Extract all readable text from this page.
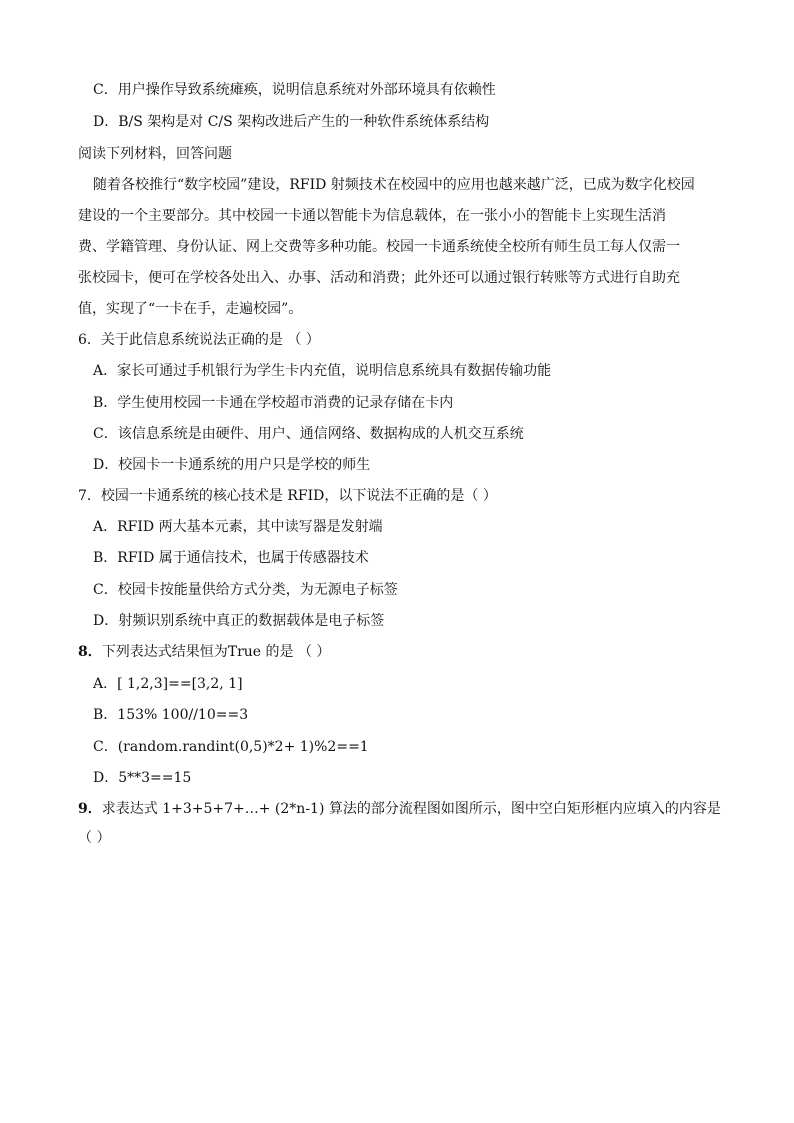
C．用户操作导致系统瘫痪，说明信息系统对外部环境具有依赖性
D．B/S 架构是对 C/S 架构改进后产生的一种软件系统体系结构
阅读下列材料，回答问题
随着各校推行“数字校园”建设，RFID 射频技术在校园中的应用也越来越广泛，已成为数字化校园
建设的一个主要部分。其中校园一卡通以智能卡为信息载体，在一张小小的智能卡上实现生活消
费、学籍管理、身份认证、网上交费等多种功能。校园一卡通系统使全校所有师生员工每人仅需一
张校园卡，便可在学校各处出入、办事、活动和消费；此外还可以通过银行转账等方式进行自助充
值，实现了“一卡在手，走遍校园”。
6．关于此信息系统说法正确的是 （ ）
A．家长可通过手机银行为学生卡内充值，说明信息系统具有数据传输功能
B．学生使用校园一卡通在学校超市消费的记录存储在卡内
C．该信息系统是由硬件、用户、通信网络、数据构成的人机交互系统
D．校园卡一卡通系统的用户只是学校的师生
7．校园一卡通系统的核心技术是 RFID，以下说法不正确的是（ ）
A．RFID 两大基本元素，其中读写器是发射端
B．RFID 属于通信技术，也属于传感器技术
C．校园卡按能量供给方式分类，为无源电子标签
D．射频识别系统中真正的数据载体是电子标签
8．下列表达式结果恒为True 的是 （ ）
A．[ 1,2,3]==[3,2, 1]
B．153% 100//10==3
C．(random.randint(0,5)*2+ 1)%2==1
D．5**3==15
9．求表达式 1+3+5+7+…+ (2*n-1) 算法的部分流程图如图所示，图中空白矩形框内应填入的内容是
（ ）
